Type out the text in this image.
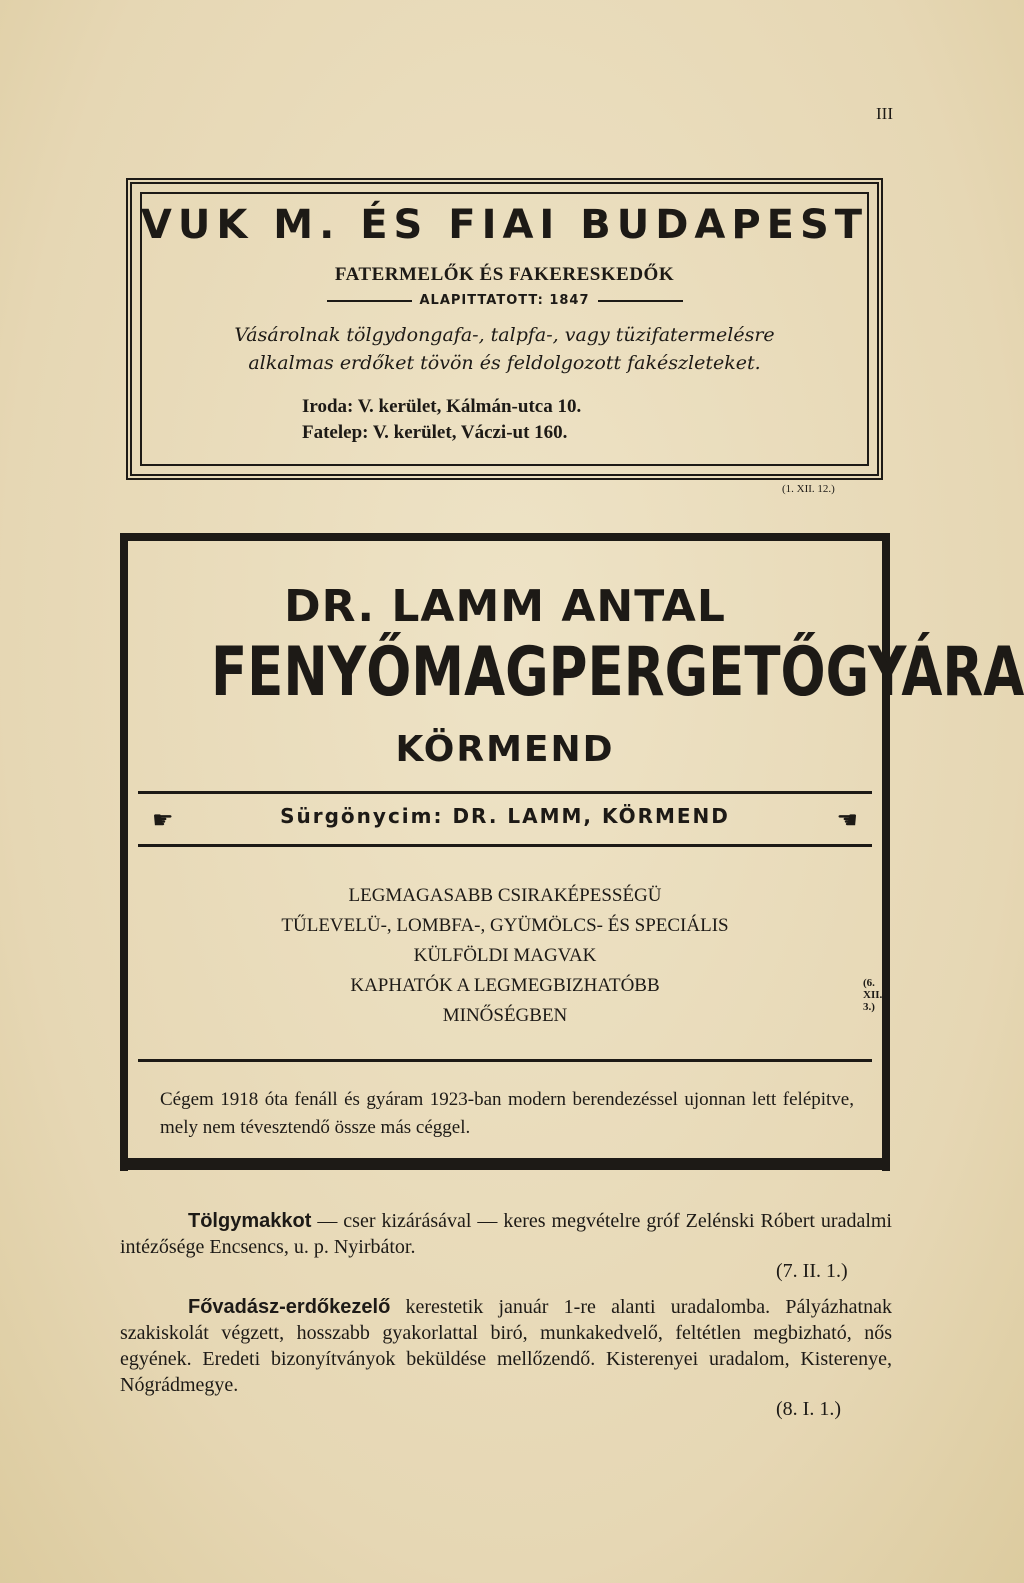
III
VUK M. ÉS FIAI BUDAPEST
FATERMELŐK ÉS FAKERESKEDŐK
ALAPITTATOTT: 1847
Vásárolnak tölgydongafa-, talpfa-, vagy tüzifatermelésre
alkalmas erdőket tövön és feldolgozott fakészleteket.
Iroda: V. kerület, Kálmán-utca 10.
Fatelep: V. kerület, Váczi-ut 160.
(1. XII. 12.)
DR. LAMM ANTAL
FENYŐMAGPERGETŐGYÁRA
KÖRMEND
☛	Sürgönycim: DR. LAMM, KÖRMEND	☚
LEGMAGASABB CSIRAKÉPESSÉGÜ
TŰLEVELÜ-, LOMBFA-, GYÜMÖLCS- ÉS SPECIÁLIS
KÜLFÖLDI MAGVAK
KAPHATÓK A LEGMEGBIZHATÓBB
MINŐSÉGBEN
(6. XII. 3.)
Cégem 1918 óta fenáll és gyáram 1923-ban modern berendezéssel ujonnan lett felépitve, mely nem tévesztendő össze más céggel.
Tölgymakkot — cser kizárásával — keres megvételre gróf Zelénski Róbert uradalmi intézősége Encsencs, u. p. Nyirbátor.
(7. II. 1.)
Fővadász-erdőkezelő kerestetik január 1-re alanti uradalomba. Pályázhatnak szakiskolát végzett, hosszabb gyakorlattal biró, munkakedvelő, feltétlen megbizható, nős egyének. Eredeti bizonyítványok beküldése mellőzendő. Kisterenyei uradalom, Kisterenye, Nógrádmegye.
(8. I. 1.)
